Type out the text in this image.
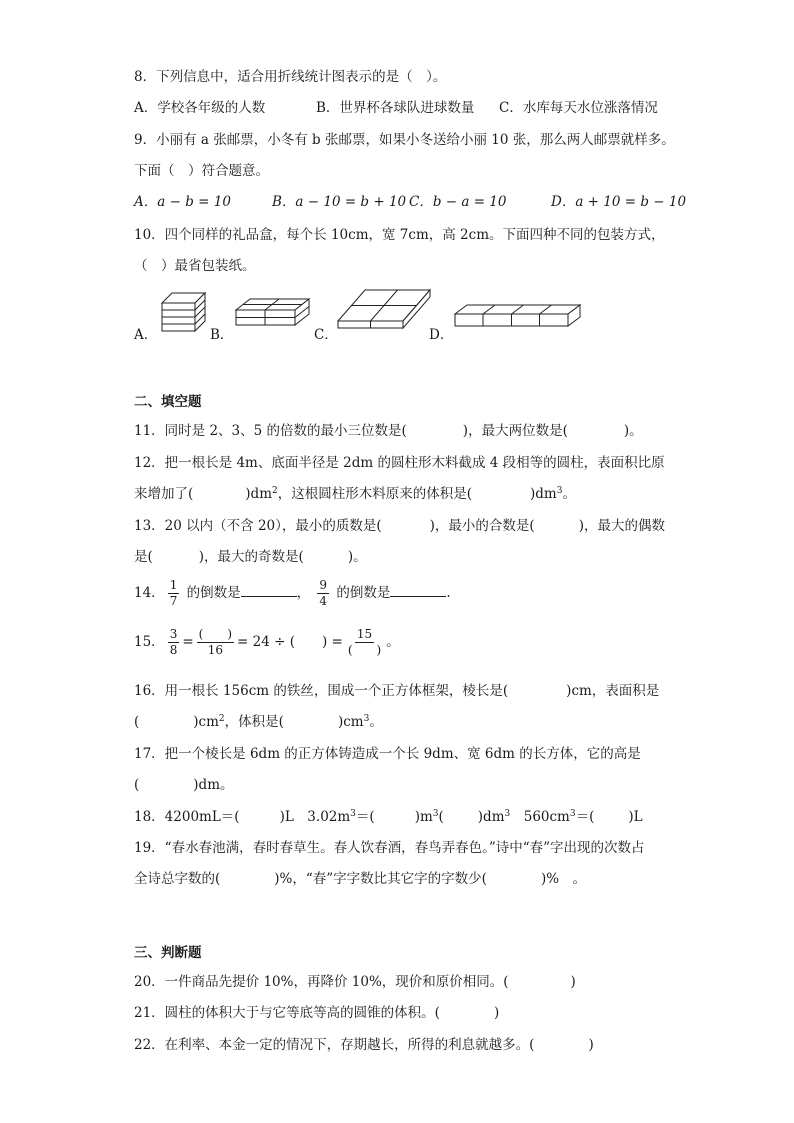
8．下列信息中，适合用折线统计图表示的是（　）。
A．学校各年级的人数	B．世界杯各球队进球数量 C．水库每天水位涨落情况
9．小丽有 a 张邮票，小冬有 b 张邮票，如果小冬送给小丽 10 张，那么两人邮票就样多。
下面（　）符合题意。
A．a − b = 10	B．a − 10 = b + 10 C．b − a = 10	D．a + 10 = b − 10
10．四个同样的礼品盒，每个长 10cm，宽 7cm，高 2cm。下面四种不同的包装方式，
（　）最省包装纸。
A．	B．	C．	D．
二、填空题
11．同时是 2、3、5 的倍数的最小三位数是(	)，最大两位数是(	)。
12．把一根长是 4m、底面半径是 2dm 的圆柱形木料截成 4 段相等的圆柱，表面积比原
来增加了(	)$dm^2$，这根圆柱形木料原来的体积是(	)$dm^3$。
13．20 以内（不含 20），最小的质数是(	)，最小的合数是(	)，最大的偶数
是(	)，最大的奇数是(	)。
14． $\frac{1}{7}$ 的倒数是	， $\frac{9}{4}$ 的倒数是	.
15． $\frac{3}{8} = \frac{( )}{16} = 24$ ÷ (　　) = $\frac{15}{( )}$ 。
16．用一根长 156cm 的铁丝，围成一个正方体框架，棱长是(	)cm，表面积是
(	)$cm^2$，体积是(	)$cm^3$。
17．把一个棱长是 6dm 的正方体铸造成一个长 9dm、宽 6dm 的长方体，它的高是
(	)dm。
18．4200mL＝(	)L　$3.02m^3=$(	)$m^3$(	)$dm^3$　$560cm^3=$(	)L
19．“春水春池满，春时春草生。春人饮春酒，春鸟弄春色。”诗中“春”字出现的次数占
全诗总字数的(	)%，“春”字字数比其它字的字数少(	)%　。
三、判断题
20．一件商品先提价 10%，再降价 10%，现价和原价相同。(	)
21．圆柱的体积大于与它等底等高的圆锥的体积。(	)
22．在利率、本金一定的情况下，存期越长，所得的利息就越多。(	)
